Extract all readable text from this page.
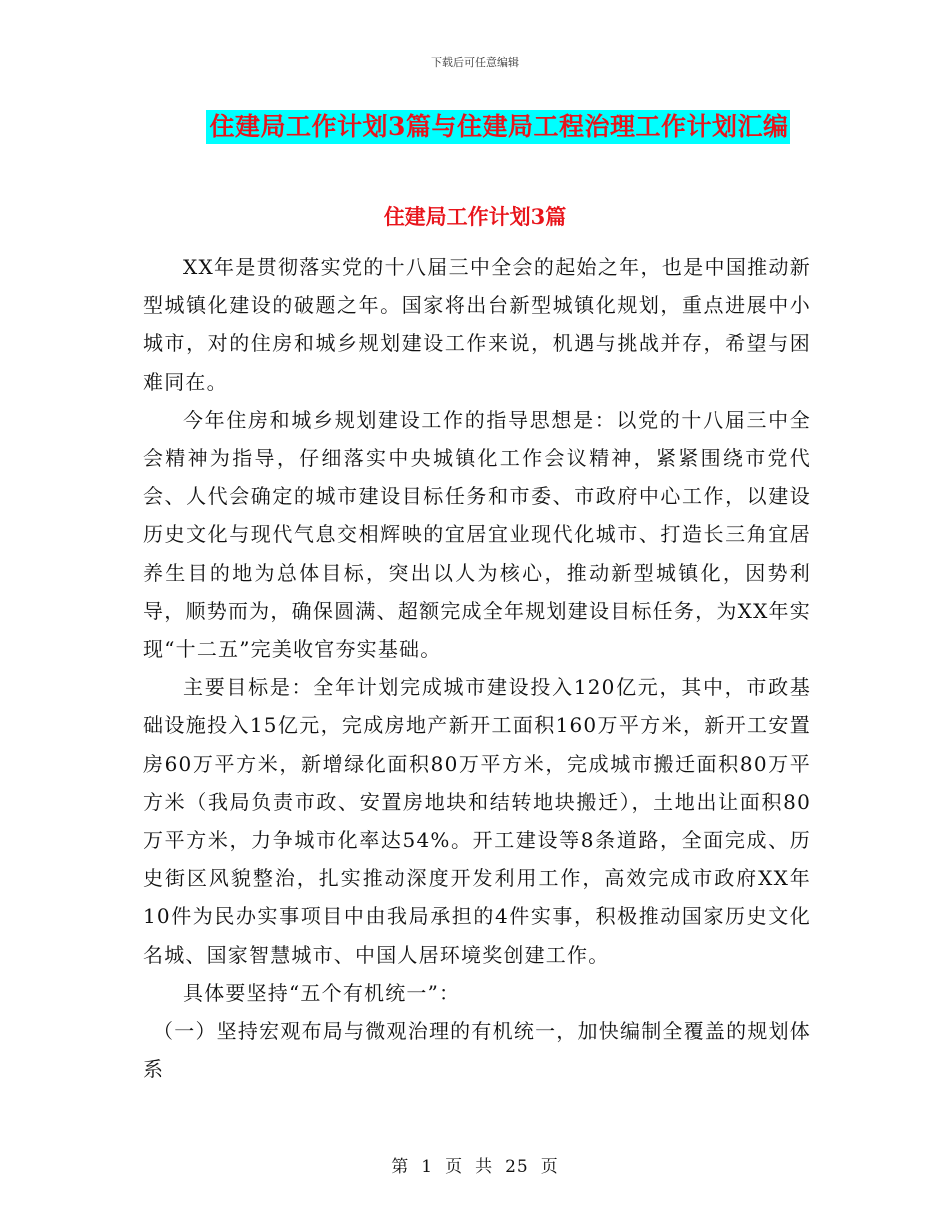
下载后可任意编辑
住建局工作计划3篇与住建局工程治理工作计划汇编
住建局工作计划3篇

XX年是贯彻落实党的十八届三中全会的起始之年，也是中国推动新型城镇化建设的破题之年。国家将出台新型城镇化规划，重点进展中小城市，对的住房和城乡规划建设工作来说，机遇与挑战并存，希望与困难同在。

今年住房和城乡规划建设工作的指导思想是：以党的十八届三中全会精神为指导，仔细落实中央城镇化工作会议精神，紧紧围绕市党代会、人代会确定的城市建设目标任务和市委、市政府中心工作，以建设历史文化与现代气息交相辉映的宜居宜业现代化城市、打造长三角宜居养生目的地为总体目标，突出以人为核心，推动新型城镇化，因势利导，顺势而为，确保圆满、超额完成全年规划建设目标任务，为XX年实现“十二五”完美收官夯实基础。

主要目标是：全年计划完成城市建设投入120亿元，其中，市政基础设施投入15亿元，完成房地产新开工面积160万平方米，新开工安置房60万平方米，新增绿化面积80万平方米，完成城市搬迁面积80万平方米（我局负责市政、安置房地块和结转地块搬迁），土地出让面积80万平方米，力争城市化率达54%。开工建设等8条道路，全面完成、历史街区风貌整治，扎实推动深度开发利用工作，高效完成市政府XX年10件为民办实事项目中由我局承担的4件实事，积极推动国家历史文化名城、国家智慧城市、中国人居环境奖创建工作。

具体要坚持“五个有机统一”：

（一）坚持宏观布局与微观治理的有机统一，加快编制全覆盖的规划体系

第 1 页 共 25 页
